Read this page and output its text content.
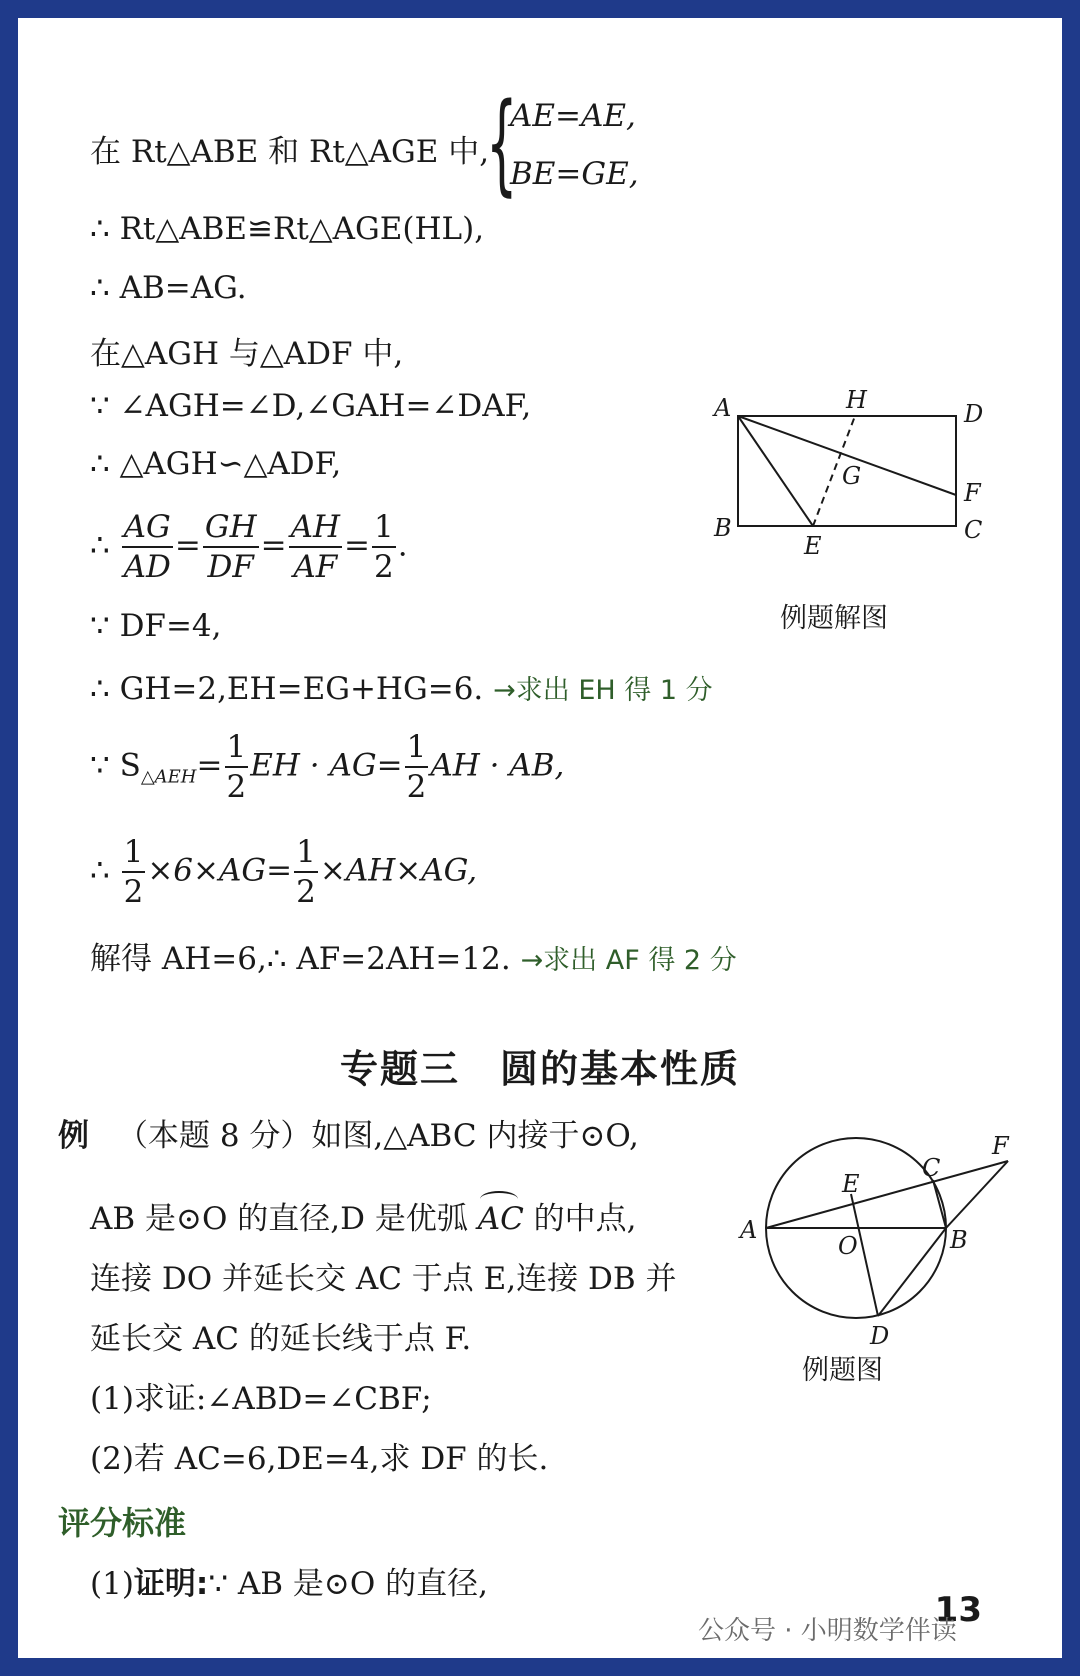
在 Rt△ABE 和 Rt△AGE 中,
{
AE=AE,
BE=GE,
∴ Rt△ABE≌Rt△AGE(HL),
∴ AB=AG.
在△AGH 与△ADF 中,
∵ ∠AGH=∠D,∠GAH=∠DAF,
∴ △AGH∽△ADF,
∴ $\frac{AG}{AD} = \frac{GH}{DF} = \frac{AH}{AF} = \frac{1}{2}$ .
∵ DF=4,
∴ GH=2,EH=EG+HG=6. →求出 EH 得 1 分
∵ $S_{\triangle AEH}= \frac{1}{2}$ EH · $AG= \frac{1}{2}$ AH · AB,
∴ $\frac{1}{2} \times 6\times AG= \frac{1}{2} \times AH\times AG$,
解得 AH=6,∴ AF=2AH=12. →求出 AF 得 2 分
A	H	D
G
F
B
E
C
例题解图
专题三　圆的基本性质
例 （本题 8 分）如图,△ABC 内接于⊙O,
AB 是⊙O 的直径,D 是优弧
AC 的中点,
连接 DO 并延长交 AC 于点 E,连接 DB 并
延长交 AC 的延长线于点 F.
(1)求证:∠ABD=∠CBF;
(2)若 AC=6,DE=4,求 DF 的长.
A	B
C
D
E
F
O
例题图
评分标准
(1)证明:∵ AB 是⊙O 的直径,
13
公众号 · 小明数学伴读
